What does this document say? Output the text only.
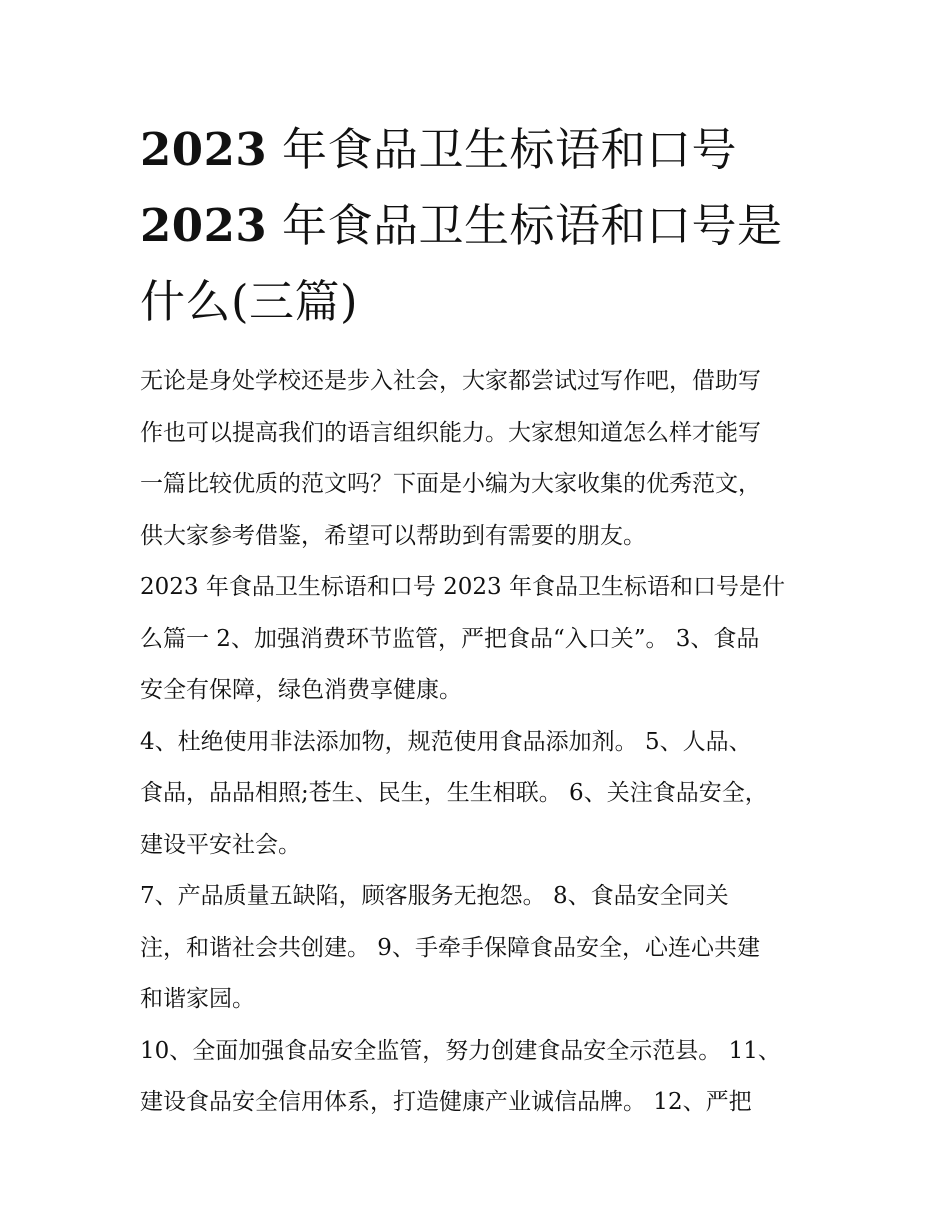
2023 年食品卫生标语和口号
2023 年食品卫生标语和口号是
什么(三篇)

无论是身处学校还是步入社会，大家都尝试过写作吧，借助写
作也可以提高我们的语言组织能力。大家想知道怎么样才能写
一篇比较优质的范文吗？下面是小编为大家收集的优秀范文，
供大家参考借鉴，希望可以帮助到有需要的朋友。

2023 年食品卫生标语和口号 2023 年食品卫生标语和口号是什
么篇一 2、加强消费环节监管，严把食品“入口关”。 3、食品
安全有保障，绿色消费享健康。

4、杜绝使用非法添加物，规范使用食品添加剂。 5、人品、
食品，品品相照;苍生、民生，生生相联。 6、关注食品安全，
建设平安社会。

7、产品质量五缺陷，顾客服务无抱怨。 8、食品安全同关
注，和谐社会共创建。 9、手牵手保障食品安全，心连心共建
和谐家园。

10、全面加强食品安全监管，努力创建食品安全示范县。 11、
建设食品安全信用体系，打造健康产业诚信品牌。 12、严把
